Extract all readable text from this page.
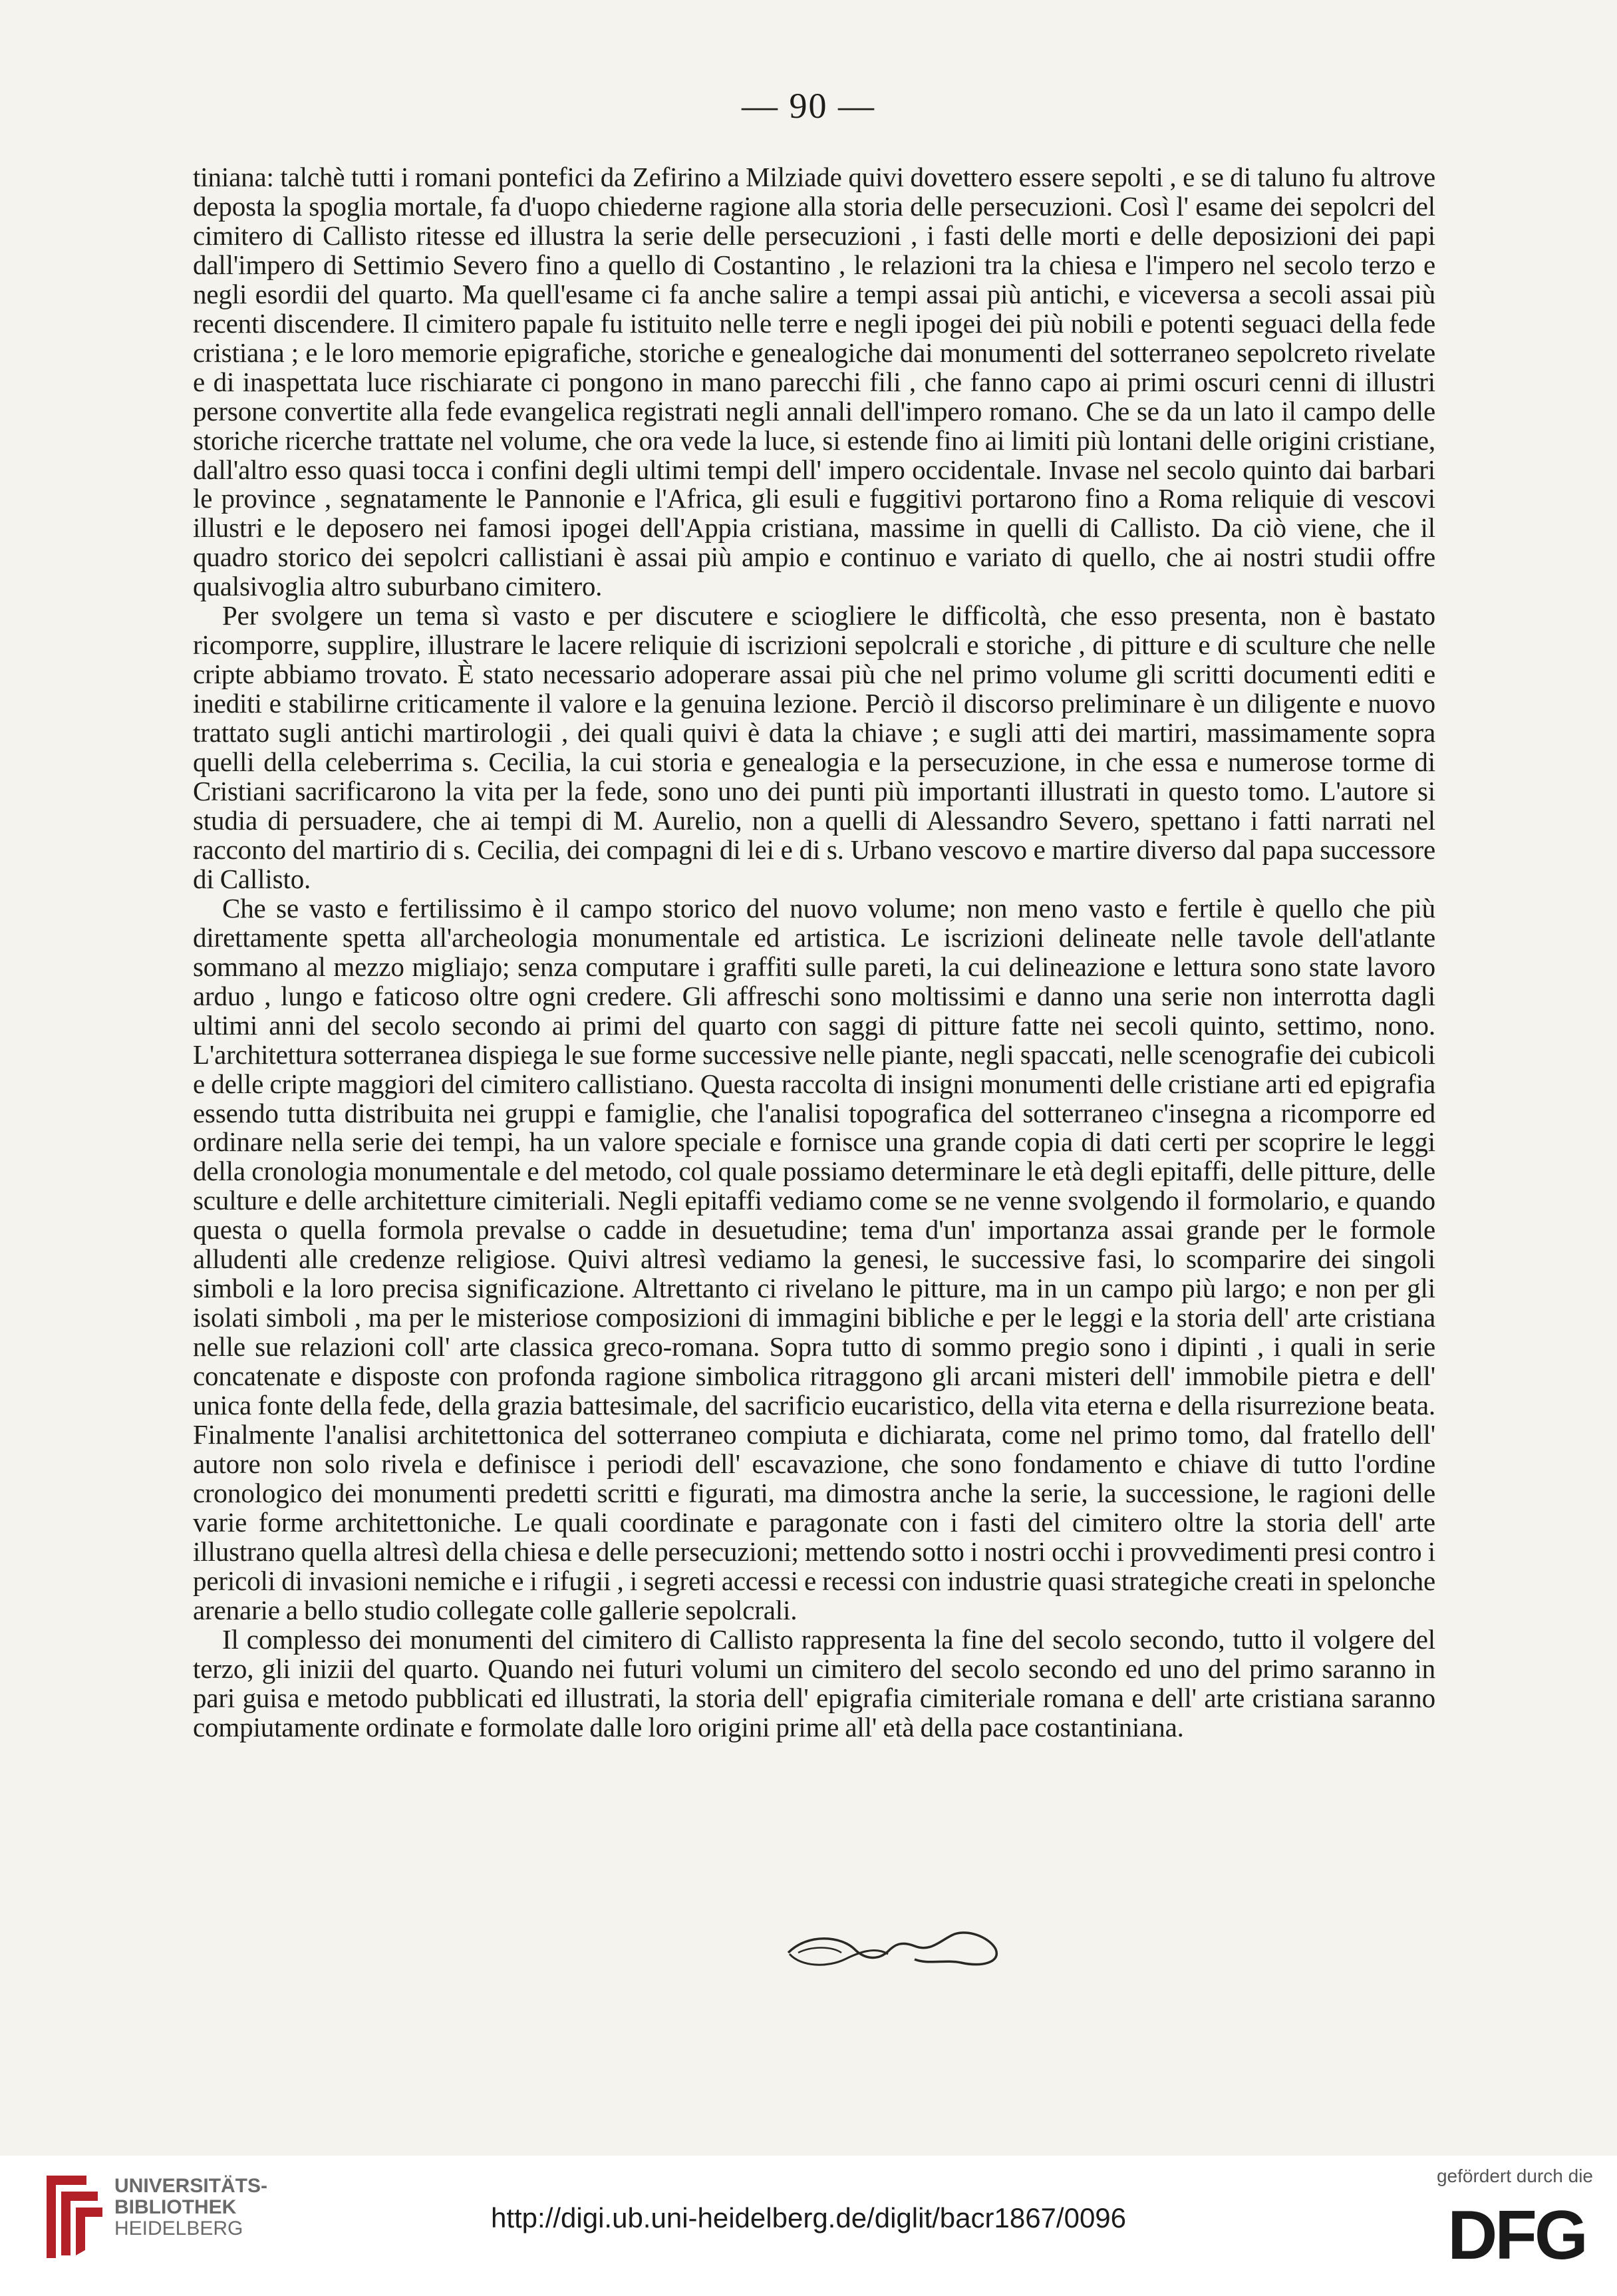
— 90 —

tiniana: talchè tutti i romani pontefici da Zefirino a Milziade quivi dovettero essere sepolti , e se di taluno fu altrove deposta la spoglia mortale, fa d'uopo chiederne ragione alla storia delle persecuzioni. Così l' esame dei sepolcri del cimitero di Callisto ritesse ed illustra la serie delle persecuzioni , i fasti delle morti e delle deposizioni dei papi dall'impero di Settimio Severo fino a quello di Costantino , le relazioni tra la chiesa e l'impero nel secolo terzo e negli esordii del quarto. Ma quell'esame ci fa anche salire a tempi assai più antichi, e viceversa a secoli assai più recenti discendere. Il cimitero papale fu istituito nelle terre e negli ipogei dei più nobili e potenti seguaci della fede cristiana ; e le loro memorie epigrafiche, storiche e genealogiche dai monumenti del sotterraneo sepolcreto rivelate e di inaspettata luce rischiarate ci pongono in mano parecchi fili , che fanno capo ai primi oscuri cenni di illustri persone convertite alla fede evangelica registrati negli annali dell'impero romano. Che se da un lato il campo delle storiche ricerche trattate nel volume, che ora vede la luce, si estende fino ai limiti più lontani delle origini cristiane, dall'altro esso quasi tocca i confini degli ultimi tempi dell' impero occidentale. Invase nel secolo quinto dai barbari le province , segnatamente le Pannonie e l'Africa, gli esuli e fuggitivi portarono fino a Roma reliquie di vescovi illustri e le deposero nei famosi ipogei dell'Appia cristiana, massime in quelli di Callisto. Da ciò viene, che il quadro storico dei sepolcri callistiani è assai più ampio e continuo e variato di quello, che ai nostri studii offre qualsivoglia altro suburbano cimitero.

Per svolgere un tema sì vasto e per discutere e sciogliere le difficoltà, che esso presenta, non è bastato ricomporre, supplire, illustrare le lacere reliquie di iscrizioni sepolcrali e storiche , di pitture e di sculture che nelle cripte abbiamo trovato. È stato necessario adoperare assai più che nel primo volume gli scritti documenti editi e inediti e stabilirne criticamente il valore e la genuina lezione. Perciò il discorso preliminare è un diligente e nuovo trattato sugli antichi martirologii , dei quali quivi è data la chiave ; e sugli atti dei martiri, massimamente sopra quelli della celeberrima s. Cecilia, la cui storia e genealogia e la persecuzione, in che essa e numerose torme di Cristiani sacrificarono la vita per la fede, sono uno dei punti più importanti illustrati in questo tomo. L'autore si studia di persuadere, che ai tempi di M. Aurelio, non a quelli di Alessandro Severo, spettano i fatti narrati nel racconto del martirio di s. Cecilia, dei compagni di lei e di s. Urbano vescovo e martire diverso dal papa successore di Callisto.

Che se vasto e fertilissimo è il campo storico del nuovo volume; non meno vasto e fertile è quello che più direttamente spetta all'archeologia monumentale ed artistica. Le iscrizioni delineate nelle tavole dell'atlante sommano al mezzo migliajo; senza computare i graffiti sulle pareti, la cui delineazione e lettura sono state lavoro arduo , lungo e faticoso oltre ogni credere. Gli affreschi sono moltissimi e danno una serie non interrotta dagli ultimi anni del secolo secondo ai primi del quarto con saggi di pitture fatte nei secoli quinto, settimo, nono. L'architettura sotterranea dispiega le sue forme successive nelle piante, negli spaccati, nelle scenografie dei cubicoli e delle cripte maggiori del cimitero callistiano. Questa raccolta di insigni monumenti delle cristiane arti ed epigrafia essendo tutta distribuita nei gruppi e famiglie, che l'analisi topografica del sotterraneo c'insegna a ricomporre ed ordinare nella serie dei tempi, ha un valore speciale e fornisce una grande copia di dati certi per scoprire le leggi della cronologia monumentale e del metodo, col quale possiamo determinare le età degli epitaffi, delle pitture, delle sculture e delle architetture cimiteriali. Negli epitaffi vediamo come se ne venne svolgendo il formolario, e quando questa o quella formola prevalse o cadde in desuetudine; tema d'un' importanza assai grande per le formole alludenti alle credenze religiose. Quivi altresì vediamo la genesi, le successive fasi, lo scomparire dei singoli simboli e la loro precisa significazione. Altrettanto ci rivelano le pitture, ma in un campo più largo; e non per gli isolati simboli , ma per le misteriose composizioni di immagini bibliche e per le leggi e la storia dell' arte cristiana nelle sue relazioni coll' arte classica greco-romana. Sopra tutto di sommo pregio sono i dipinti , i quali in serie concatenate e disposte con profonda ragione simbolica ritraggono gli arcani misteri dell' immobile pietra e dell' unica fonte della fede, della grazia battesimale, del sacrificio eucaristico, della vita eterna e della risurrezione beata. Finalmente l'analisi architettonica del sotterraneo compiuta e dichiarata, come nel primo tomo, dal fratello dell' autore non solo rivela e definisce i periodi dell' escavazione, che sono fondamento e chiave di tutto l'ordine cronologico dei monumenti predetti scritti e figurati, ma dimostra anche la serie, la successione, le ragioni delle varie forme architettoniche. Le quali coordinate e paragonate con i fasti del cimitero oltre la storia dell' arte illustrano quella altresì della chiesa e delle persecuzioni; mettendo sotto i nostri occhi i provvedimenti presi contro i pericoli di invasioni nemiche e i rifugii , i segreti accessi e recessi con industrie quasi strategiche creati in spelonche arenarie a bello studio collegate colle gallerie sepolcrali.

Il complesso dei monumenti del cimitero di Callisto rappresenta la fine del secolo secondo, tutto il volgere del terzo, gli inizii del quarto. Quando nei futuri volumi un cimitero del secolo secondo ed uno del primo saranno in pari guisa e metodo pubblicati ed illustrati, la storia dell' epigrafia cimiteriale romana e dell' arte cristiana saranno compiutamente ordinate e formolate dalle loro origini prime all' età della pace costantiniana.

UNIVERSITÄTS-
BIBLIOTHEK
HEIDELBERG	http://digi.ub.uni-heidelberg.de/diglit/bacr1867/0096
gefördert durch die
DFG
